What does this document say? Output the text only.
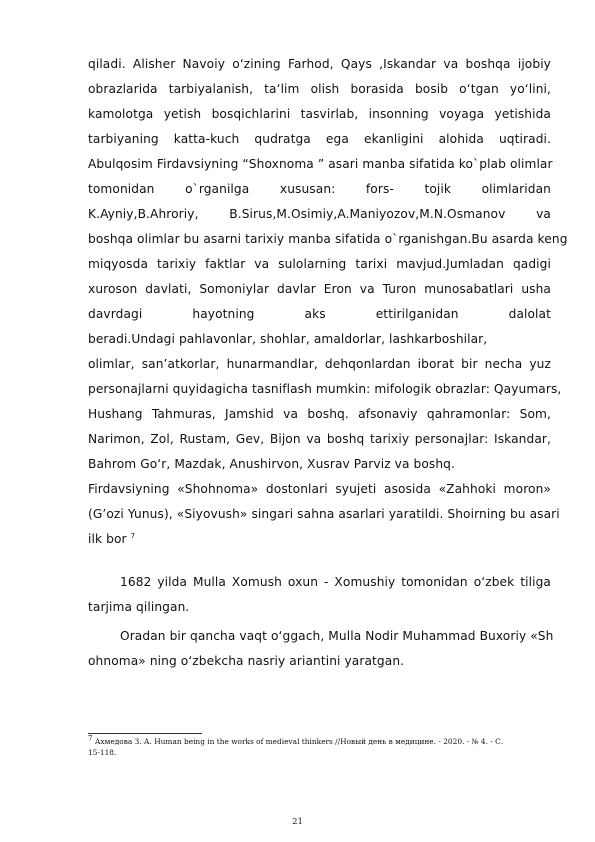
qiladi. Alisher Navoiy o‘zining Farhod, Qays ,Iskandar va boshqa ijobiy
obrazlarida tarbiyalanish, ta‘lim olish borasida bosib o‘tgan yo‘lini,
kamolotga yetish bosqichlarini tasvirlab, insonning voyaga yetishida
tarbiyaning katta-kuch qudratga ega ekanligini alohida uqtiradi.
Abulqosim Firdavsiyning “Shoxnoma ” asari manba sifatida ko`plab olimlar
tomonidan o`rganilga xususan: fors- tojik olimlaridan
K.Ayniy,B.Ahroriy, B.Sirus,M.Osimiy,A.Maniyozov,M.N.Osmanov va
boshqa olimlar bu asarni tarixiy manba sifatida o`rganishgan.Bu asarda keng
miqyosda tarixiy faktlar va sulolarning tarixi mavjud.Jumladan qadigi
xuroson davlati, Somoniylar davlar Eron va Turon munosabatlari usha
davrdagi hayotning aks ettirilganidan dalolat
beradi.Undagi pahlavonlar, shohlar, amaldorlar, lashkarboshilar,
olimlar, san’atkorlar, hunarmandlar, dehqonlardan iborat bir necha yuz
personajlarni quyidagicha tasniflash mumkin: mifologik obrazlar: Qayumars,
Hushang Tahmuras, Jamshid va boshq. afsonaviy qahramonlar: Som,
Narimon, Zol, Rustam, Gev, Bijon va boshq tarixiy personajlar: Iskandar,
Bahrom Go‘r, Mazdak, Anushirvon, Xusrav Parviz va boshq.
Firdavsiyning «Shohnoma» dostonlari syujeti asosida «Zahhoki moron»
(G’ozi Yunus), «Siyovush» singari sahna asarlari yaratildi. Shoirning bu asari
ilk bor $^7$
1682 yilda Mulla Xomush oxun - Xomushiy tomonidan o‘zbek tiliga
tarjima qilingan.
Oradan bir qancha vaqt o‘ggach, Mulla Nodir Muhammad Buxoriy «Sh
ohnoma» ning o‘zbekcha nasriy ariantini yaratgan.
$^7$ Ахмедова З. А. Human being in the works of medieval thinkers //Новый день в медицине. - 2020. - № 4. - С.
15-118.
21
